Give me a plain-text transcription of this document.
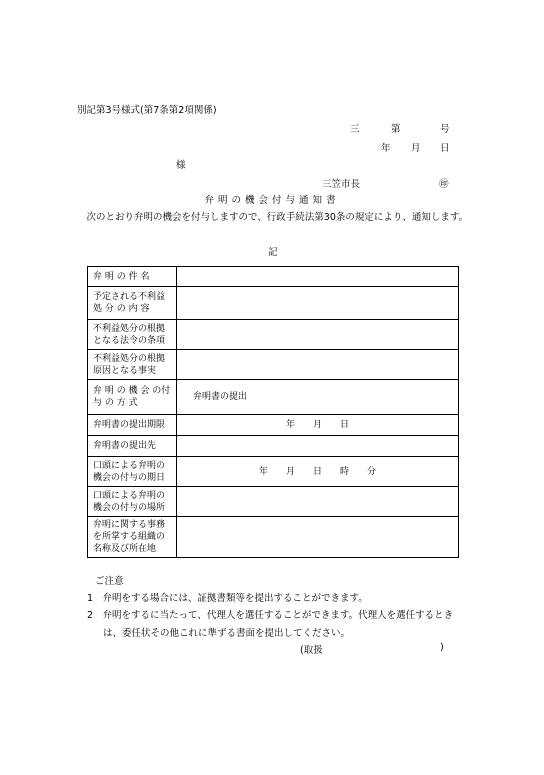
別記第3号様式(第7条第2項関係)
三	第	号
年 月 日
様
三笠市長	㊞
弁明の機会付与通知書
次のとおり弁明の機会を付与しますので、行政手続法第30条の規定により、通知します。
記
弁 明 の 件 名	
予定される不利益処 分 の 内 容	
不利益処分の根拠となる法令の条項	
不利益処分の根拠原因となる事実	
弁 明 の 機 会 の付 与 の 方 式	弁明書の提出
弁明書の提出期限	年　　月　　日
弁明書の提出先	
口頭による弁明の機会の付与の期日	年　　月　　日　　時　　分
口頭による弁明の機会の付与の場所	
弁明に関する事務を所掌する組織の名称及び所在地	
ご注意
1　弁明をする場合には、証拠書類等を提出することができます。
2　弁明をするに当たって、代理人を選任することができます。代理人を選任するとき
は、委任状その他これに準ずる書面を提出してください。
(取扱	)
